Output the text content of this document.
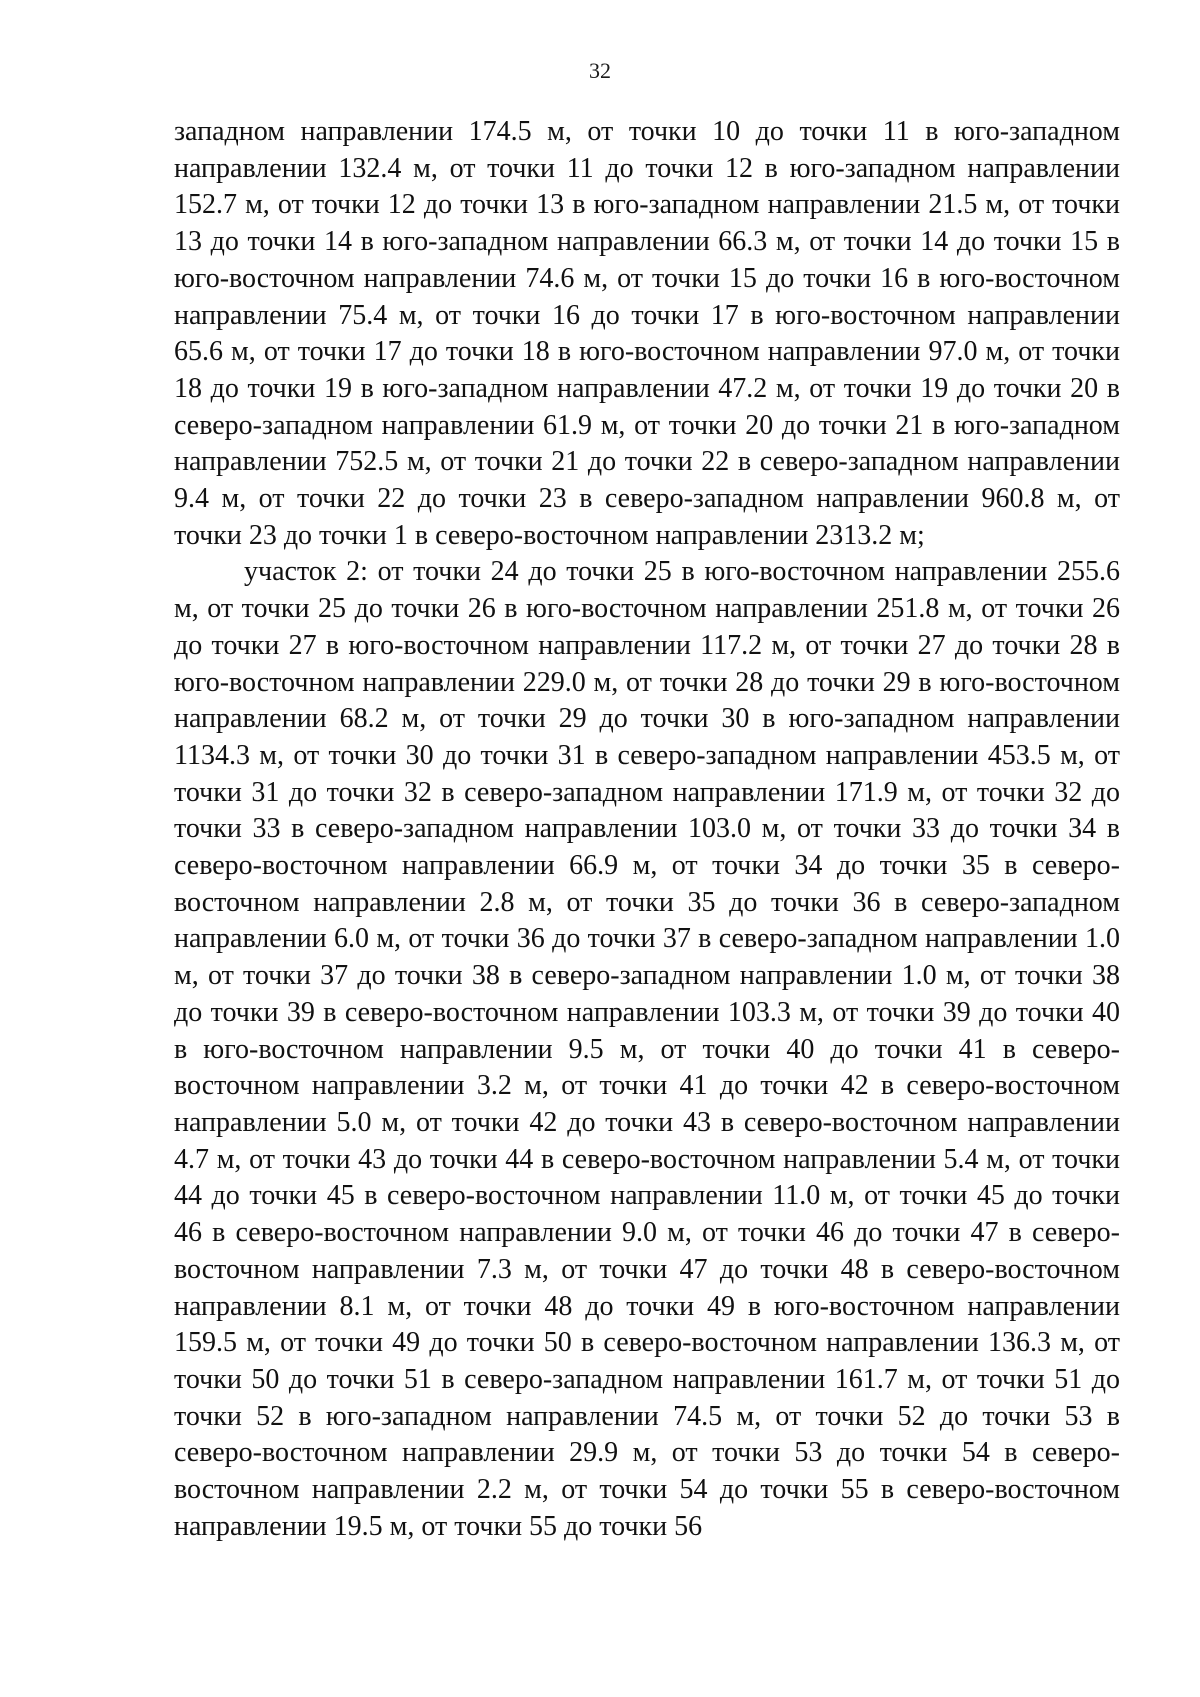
32

западном направлении 174.5 м, от точки 10 до точки 11 в юго-западном направлении 132.4 м, от точки 11 до точки 12 в юго-западном направлении 152.7 м, от точки 12 до точки 13 в юго-западном направлении 21.5 м, от точки 13 до точки 14 в юго-западном направлении 66.3 м, от точки 14 до точки 15 в юго-восточном направлении 74.6 м, от точки 15 до точки 16 в юго-восточном направлении 75.4 м, от точки 16 до точки 17 в юго-восточном направлении 65.6 м, от точки 17 до точки 18 в юго-восточном направлении 97.0 м, от точки 18 до точки 19 в юго-западном направлении 47.2 м, от точки 19 до точки 20 в северо-западном направлении 61.9 м, от точки 20 до точки 21 в юго-западном направлении 752.5 м, от точки 21 до точки 22 в северо-западном направлении 9.4 м, от точки 22 до точки 23 в северо-западном направлении 960.8 м, от точки 23 до точки 1 в северо-восточном направлении 2313.2 м;

участок 2: от точки 24 до точки 25 в юго-восточном направлении 255.6 м, от точки 25 до точки 26 в юго-восточном направлении 251.8 м, от точки 26 до точки 27 в юго-восточном направлении 117.2 м, от точки 27 до точки 28 в юго-восточном направлении 229.0 м, от точки 28 до точки 29 в юго-восточном направлении 68.2 м, от точки 29 до точки 30 в юго-западном направлении 1134.3 м, от точки 30 до точки 31 в северо-западном направлении 453.5 м, от точки 31 до точки 32 в северо-западном направлении 171.9 м, от точки 32 до точки 33 в северо-западном направлении 103.0 м, от точки 33 до точки 34 в северо-восточном направлении 66.9 м, от точки 34 до точки 35 в северо-восточном направлении 2.8 м, от точки 35 до точки 36 в северо-западном направлении 6.0 м, от точки 36 до точки 37 в северо-западном направлении 1.0 м, от точки 37 до точки 38 в северо-западном направлении 1.0 м, от точки 38 до точки 39 в северо-восточном направлении 103.3 м, от точки 39 до точки 40 в юго-восточном направлении 9.5 м, от точки 40 до точки 41 в северо-восточном направлении 3.2 м, от точки 41 до точки 42 в северо-восточном направлении 5.0 м, от точки 42 до точки 43 в северо-восточном направлении 4.7 м, от точки 43 до точки 44 в северо-восточном направлении 5.4 м, от точки 44 до точки 45 в северо-восточном направлении 11.0 м, от точки 45 до точки 46 в северо-восточном направлении 9.0 м, от точки 46 до точки 47 в северо-восточном направлении 7.3 м, от точки 47 до точки 48 в северо-восточном направлении 8.1 м, от точки 48 до точки 49 в юго-восточном направлении 159.5 м, от точки 49 до точки 50 в северо-восточном направлении 136.3 м, от точки 50 до точки 51 в северо-западном направлении 161.7 м, от точки 51 до точки 52 в юго-западном направлении 74.5 м, от точки 52 до точки 53 в северо-восточном направлении 29.9 м, от точки 53 до точки 54 в северо-восточном направлении 2.2 м, от точки 54 до точки 55 в северо-восточном направлении 19.5 м, от точки 55 до точки 56
